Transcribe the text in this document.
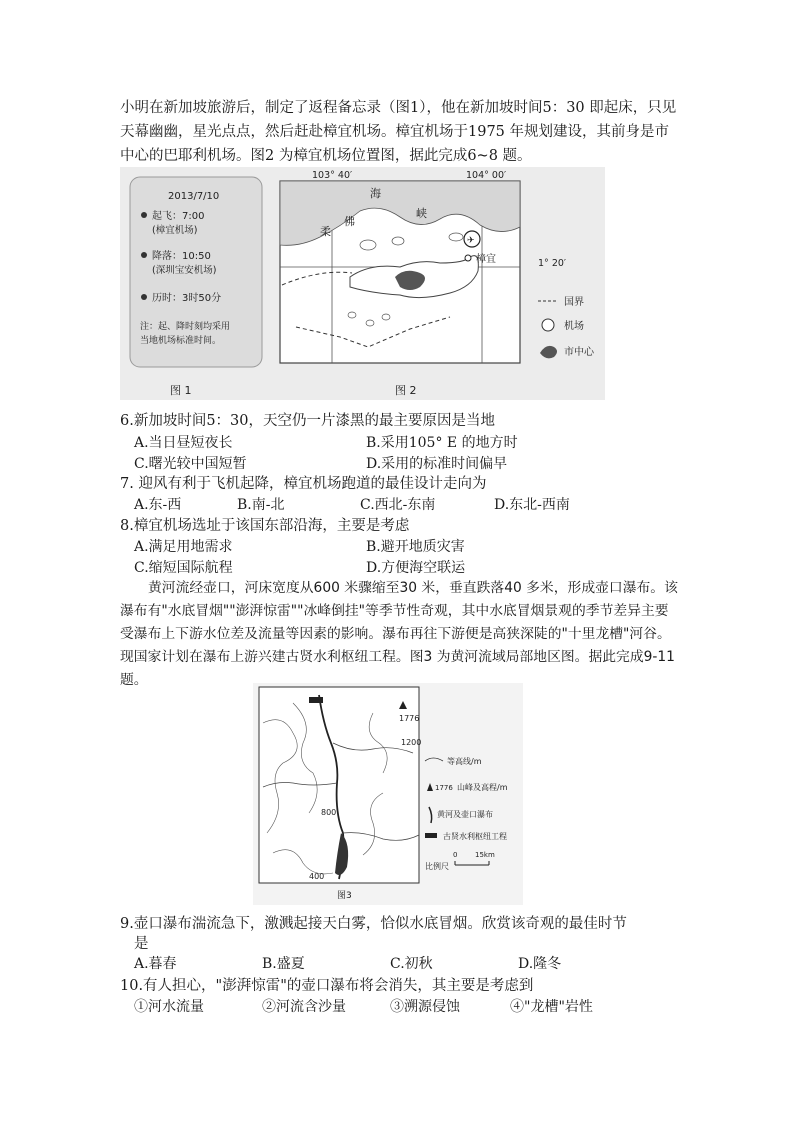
小明在新加坡旅游后，制定了返程备忘录（图1），他在新加坡时间5：30 即起床，只见天幕幽幽，星光点点，然后赶赴樟宜机场。樟宜机场于1975 年规划建设，其前身是市中心的巴耶利机场。图2 为樟宜机场位置图，据此完成6~8 题。

2013/7/10
起飞：7:00
(樟宜机场)
降落：10:50
(深圳宝安机场)
历时：3时50分
注：起、降时刻均采用
当地机场标准时间。
图 1
103° 40′	104° 00′
1° 20′
柔
佛
海
峡
✈
樟宜
国界
机场
市中心
图 2
6.新加坡时间5：30，天空仍一片漆黑的最主要原因是当地
A.当日昼短夜长	B.采用105° E 的地方时
C.曙光较中国短暂	D.采用的标准时间偏早
7. 迎风有利于飞机起降，樟宜机场跑道的最佳设计走向为
A.东-西	B.南-北	C.西北-东南	D.东北-西南
8.樟宜机场选址于该国东部沿海，主要是考虑
A.满足用地需求	B.避开地质灾害
C.缩短国际航程	D.方便海空联运

黄河流经壶口，河床宽度从600 米骤缩至30 米，垂直跌落40 多米，形成壶口瀑布。该瀑布有"水底冒烟""澎湃惊雷""冰峰倒挂"等季节性奇观，其中水底冒烟景观的季节差异主要受瀑布上下游水位差及流量等因素的影响。瀑布再往下游便是高狭深陡的"十里龙槽"河谷。现国家计划在瀑布上游兴建古贤水利枢纽工程。图3 为黄河流域局部地区图。据此完成9-11 题。

1776
1200
800
400
等高线/m
1776 山峰及高程/m
黄河及壶口瀑布
古贤水利枢纽工程
0	15km
比例尺
图3
9.壶口瀑布湍流急下，激溅起接天白雾，恰似水底冒烟。欣赏该奇观的最佳时节
是
A.暮春	B.盛夏	C.初秋	D.隆冬
10.有人担心，"澎湃惊雷"的壶口瀑布将会消失，其主要是考虑到
①河水流量	②河流含沙量	③溯源侵蚀	④"龙槽"岩性
